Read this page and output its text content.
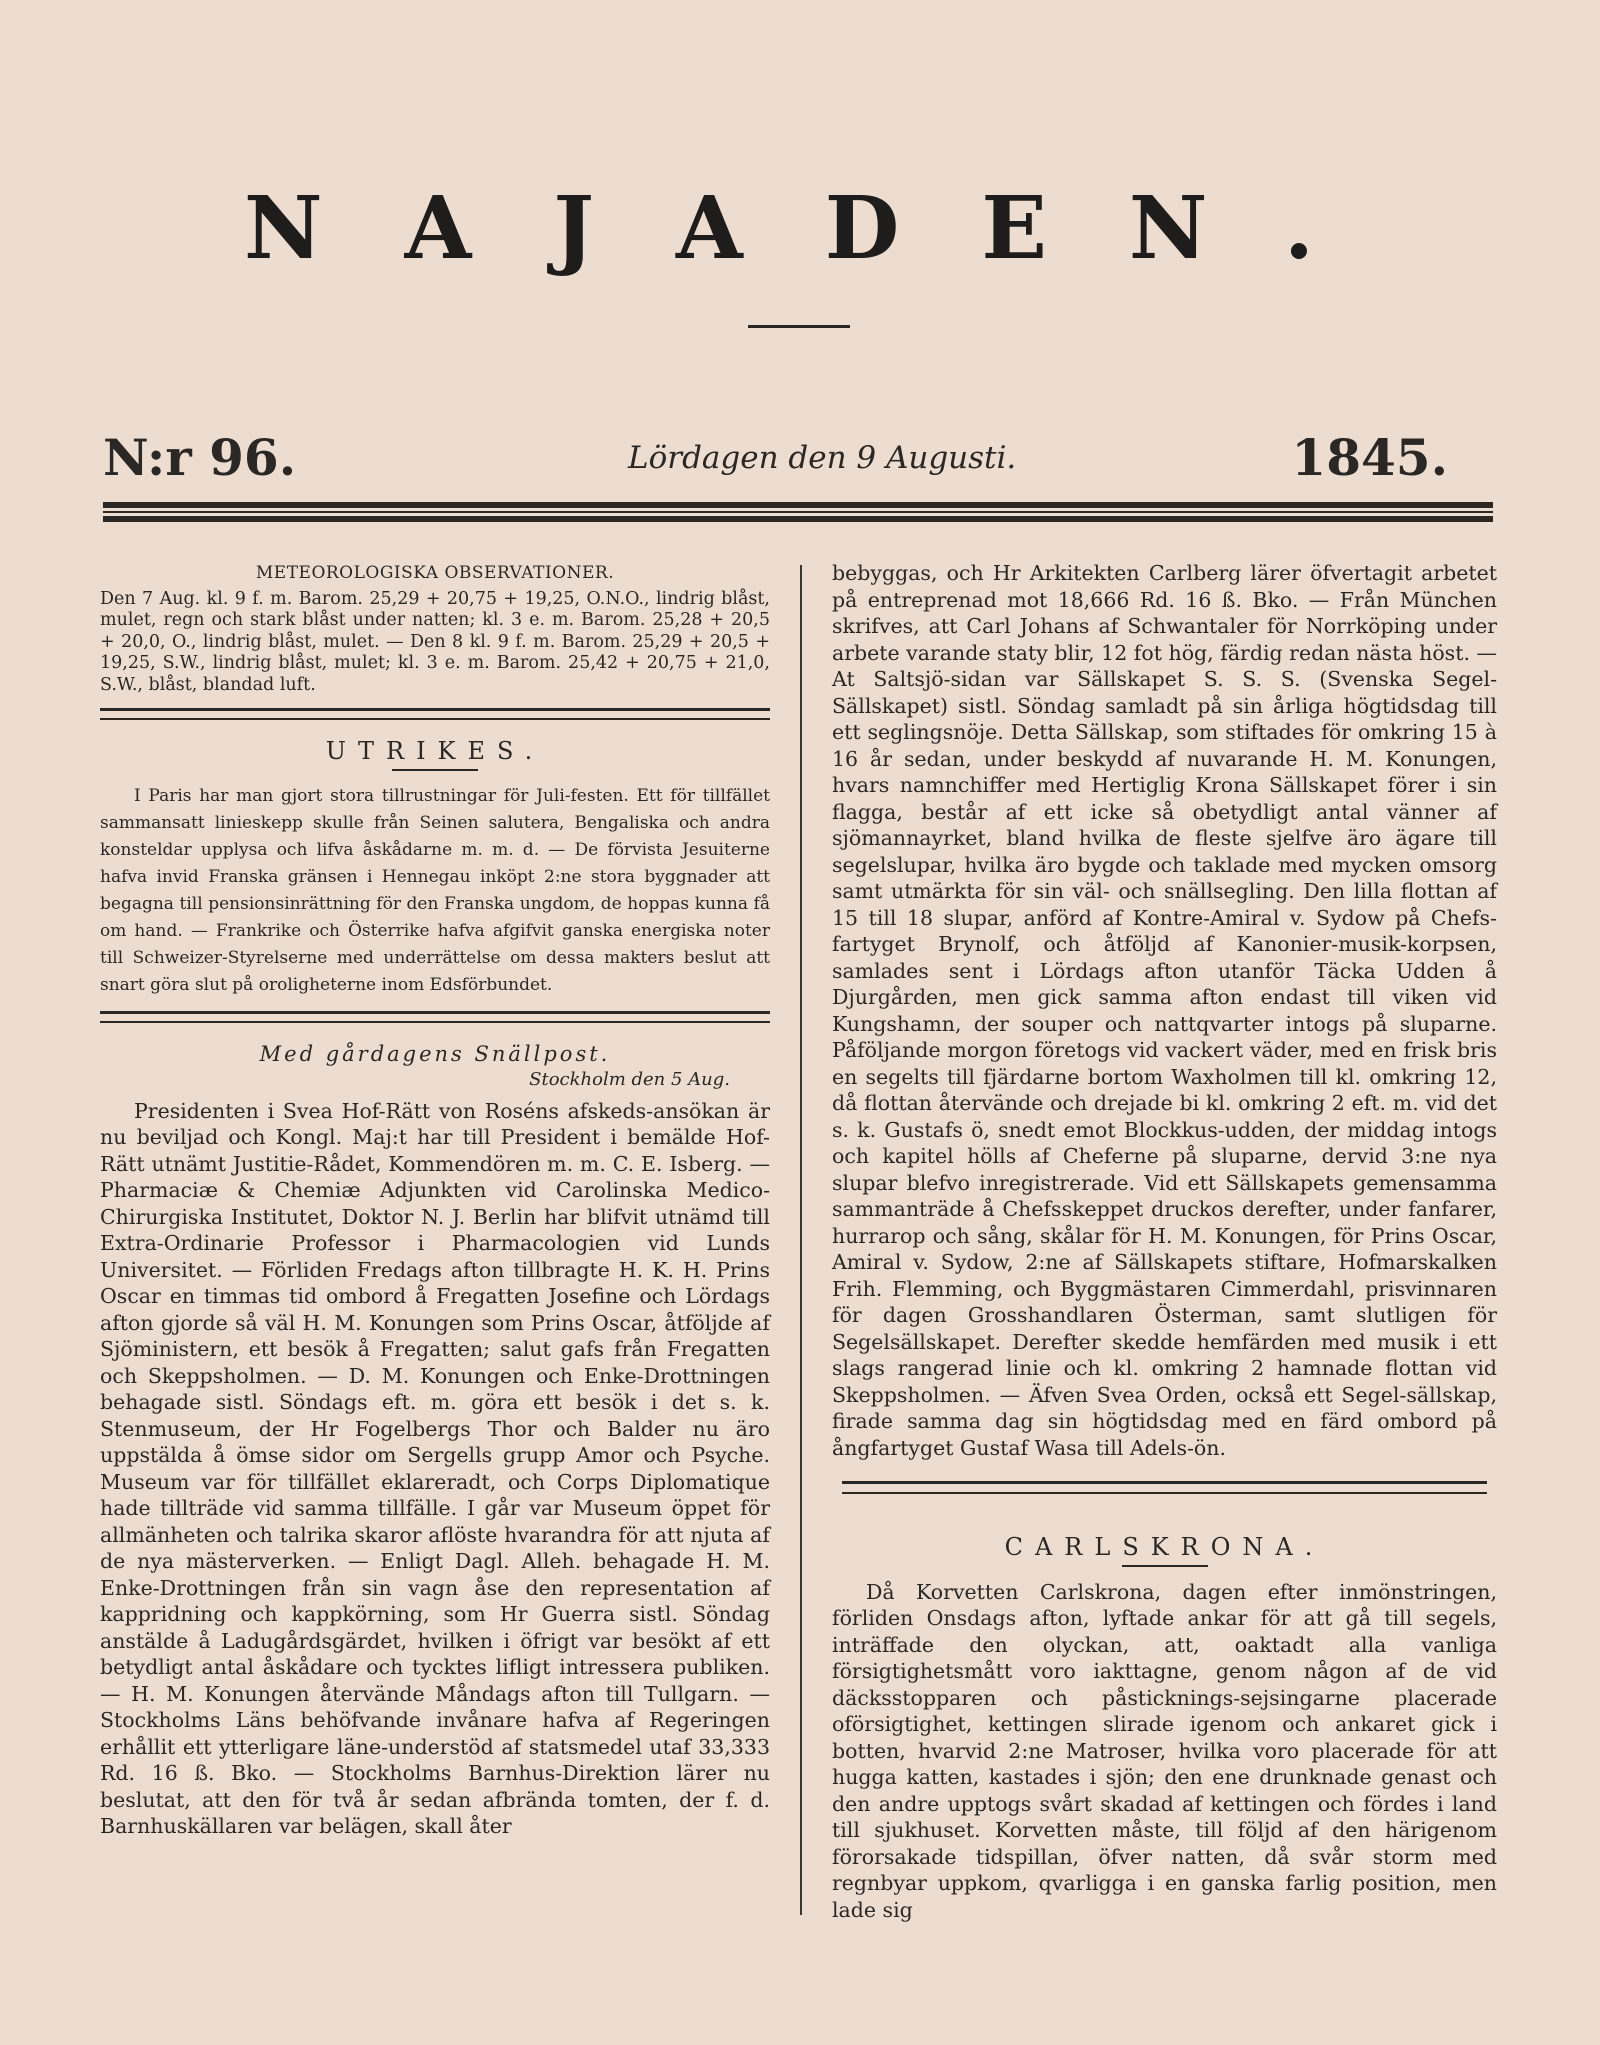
NAJADEN.
N:r 96.	Lördagen den 9 Augusti.	1845.

METEOROLOGISKA OBSERVATIONER.

Den 7 Aug. kl. 9 f. m. Barom. 25,29 + 20,75 + 19,25, O.N.O., lindrig blåst, mulet, regn och stark blåst under natten; kl. 3 e. m. Barom. 25,28 + 20,5 + 20,0, O., lindrig blåst, mulet. — Den 8 kl. 9 f. m. Barom. 25,29 + 20,5 + 19,25, S.W., lindrig blåst, mulet; kl. 3 e. m. Barom. 25,42 + 20,75 + 21,0, S.W., blåst, blandad luft.

UTRIKES.

I Paris har man gjort stora tillrustningar för Juli-festen. Ett för tillfället sammansatt linieskepp skulle från Seinen salutera, Bengaliska och andra konsteldar upplysa och lifva åskådarne m. m. d. — De förvista Jesuiterne hafva invid Franska gränsen i Hennegau inköpt 2:ne stora byggnader att begagna till pensionsinrättning för den Franska ungdom, de hoppas kunna få om hand. — Frankrike och Österrike hafva afgifvit ganska energiska noter till Schweizer-Styrelserne med underrättelse om dessa makters beslut att snart göra slut på oroligheterne inom Edsförbundet.

Med gårdagens Snällpost.

Stockholm den 5 Aug.

Presidenten i Svea Hof-Rätt von Roséns afskeds-ansökan är nu beviljad och Kongl. Maj:t har till President i bemälde Hof-Rätt utnämt Justitie-Rådet, Kommendören m. m. C. E. Isberg. — Pharmaciæ & Chemiæ Adjunkten vid Carolinska Medico-Chirurgiska Institutet, Doktor N. J. Berlin har blifvit utnämd till Extra-Ordinarie Professor i Pharmacologien vid Lunds Universitet. — Förliden Fredags afton tillbragte H. K. H. Prins Oscar en timmas tid ombord å Fregatten Josefine och Lördags afton gjorde så väl H. M. Konungen som Prins Oscar, åtföljde af Sjöministern, ett besök å Fregatten; salut gafs från Fregatten och Skeppsholmen. — D. M. Konungen och Enke-Drottningen behagade sistl. Söndags eft. m. göra ett besök i det s. k. Stenmuseum, der Hr Fogelbergs Thor och Balder nu äro uppstälda å ömse sidor om Sergells grupp Amor och Psyche. Museum var för tillfället eklareradt, och Corps Diplomatique hade tillträde vid samma tillfälle. I går var Museum öppet för allmänheten och talrika skaror aflöste hvarandra för att njuta af de nya mästerverken. — Enligt Dagl. Alleh. behagade H. M. Enke-Drottningen från sin vagn åse den representation af kappridning och kappkörning, som Hr Guerra sistl. Söndag anstälde å Ladugårdsgärdet, hvilken i öfrigt var besökt af ett betydligt antal åskådare och tycktes lifligt intressera publiken. — H. M. Konungen återvände Måndags afton till Tullgarn. — Stockholms Läns behöfvande invånare hafva af Regeringen erhållit ett ytterligare läne-understöd af statsmedel utaf 33,333 Rd. 16 ß. Bko. — Stockholms Barnhus-Direktion lärer nu beslutat, att den för två år sedan afbrända tomten, der f. d. Barnhuskällaren var belägen, skall åter

bebyggas, och Hr Arkitekten Carlberg lärer öfvertagit arbetet på entreprenad mot 18,666 Rd. 16 ß. Bko. — Från München skrifves, att Carl Johans af Schwantaler för Norrköping under arbete varande staty blir, 12 fot hög, färdig redan nästa höst. — At Saltsjö-sidan var Sällskapet S. S. S. (Svenska Segel-Sällskapet) sistl. Söndag samladt på sin årliga högtidsdag till ett seglingsnöje. Detta Sällskap, som stiftades för omkring 15 à 16 år sedan, under beskydd af nuvarande H. M. Konungen, hvars namnchiffer med Hertiglig Krona Sällskapet förer i sin flagga, består af ett icke så obetydligt antal vänner af sjömannayrket, bland hvilka de fleste sjelfve äro ägare till segelslupar, hvilka äro bygde och taklade med mycken omsorg samt utmärkta för sin väl- och snällsegling. Den lilla flottan af 15 till 18 slupar, anförd af Kontre-Amiral v. Sydow på Chefs-fartyget Brynolf, och åtföljd af Kanonier-musik-korpsen, samlades sent i Lördags afton utanför Täcka Udden å Djurgården, men gick samma afton endast till viken vid Kungshamn, der souper och nattqvarter intogs på sluparne. Påföljande morgon företogs vid vackert väder, med en frisk bris en segelts till fjärdarne bortom Waxholmen till kl. omkring 12, då flottan återvände och drejade bi kl. omkring 2 eft. m. vid det s. k. Gustafs ö, snedt emot Blockkus-udden, der middag intogs och kapitel hölls af Cheferne på sluparne, dervid 3:ne nya slupar blefvo inregistrerade. Vid ett Sällskapets gemensamma sammanträde å Chefsskeppet druckos derefter, under fanfarer, hurrarop och sång, skålar för H. M. Konungen, för Prins Oscar, Amiral v. Sydow, 2:ne af Sällskapets stiftare, Hofmarskalken Frih. Flemming, och Byggmästaren Cimmerdahl, prisvinnaren för dagen Grosshandlaren Österman, samt slutligen för Segelsällskapet. Derefter skedde hemfärden med musik i ett slags rangerad linie och kl. omkring 2 hamnade flottan vid Skeppsholmen. — Äfven Svea Orden, också ett Segel-sällskap, firade samma dag sin högtidsdag med en färd ombord på ångfartyget Gustaf Wasa till Adels-ön.

CARLSKRONA.

Då Korvetten Carlskrona, dagen efter inmönstringen, förliden Onsdags afton, lyftade ankar för att gå till segels, inträffade den olyckan, att, oaktadt alla vanliga försigtighetsmått voro iakttagne, genom någon af de vid däcksstopparen och påsticknings-sejsingarne placerade oförsigtighet, kettingen slirade igenom och ankaret gick i botten, hvarvid 2:ne Matroser, hvilka voro placerade för att hugga katten, kastades i sjön; den ene drunknade genast och den andre upptogs svårt skadad af kettingen och fördes i land till sjukhuset. Korvetten måste, till följd af den härigenom förorsakade tidspillan, öfver natten, då svår storm med regnbyar uppkom, qvarligga i en ganska farlig position, men lade sig
